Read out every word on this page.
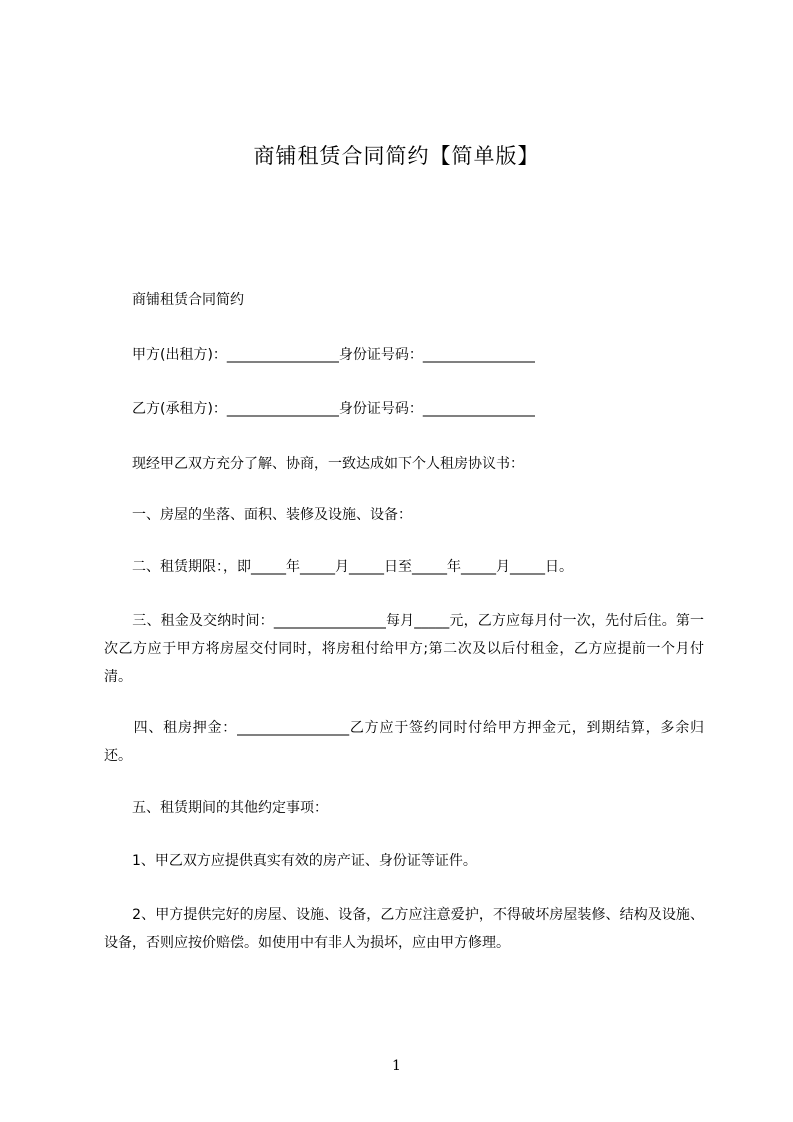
商铺租赁合同简约【简单版】
　　商铺租赁合同简约
　　甲方(出租方)：________________身份证号码：________________
　　乙方(承租方)：________________身份证号码：________________
　　现经甲乙双方充分了解、协商，一致达成如下个人租房协议书：
　　一、房屋的坐落、面积、装修及设施、设备：
　　二、租赁期限：，即_____年_____月_____日至_____年_____月_____日。
　　三、租金及交纳时间：________________每月_____元，乙方应每月付一次，先付后住。第一次乙方应于甲方将房屋交付同时，将房租付给甲方;第二次及以后付租金，乙方应提前一个月付清。
　　四、租房押金：________________乙方应于签约同时付给甲方押金元，到期结算，多余归还。
　　五、租赁期间的其他约定事项：
　　1、甲乙双方应提供真实有效的房产证、身份证等证件。
　　2、甲方提供完好的房屋、设施、设备，乙方应注意爱护，不得破坏房屋装修、结构及设施、设备，否则应按价赔偿。如使用中有非人为损坏，应由甲方修理。
1
